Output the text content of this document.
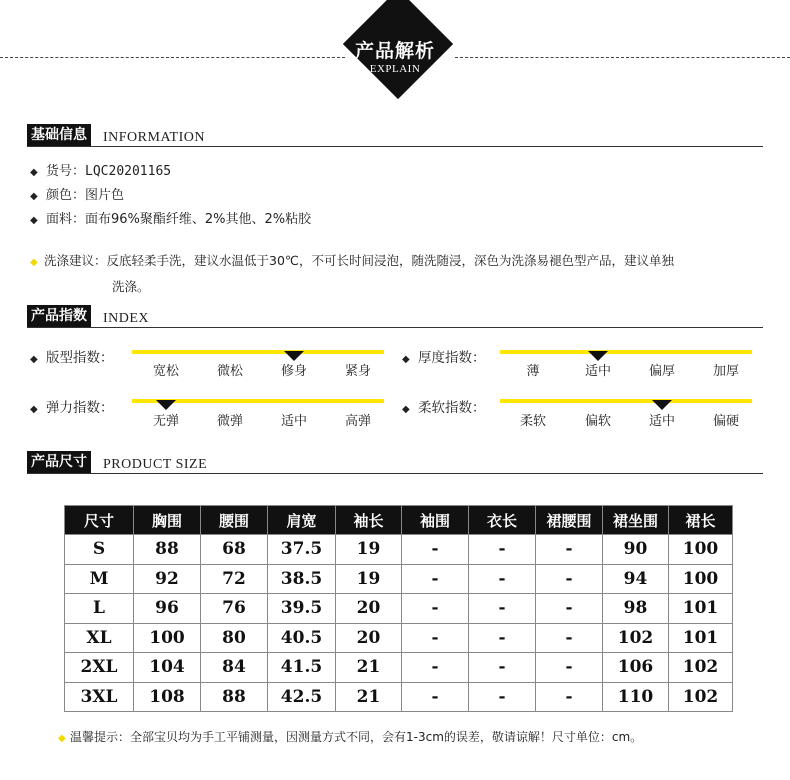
产品解析
EXPLAIN
基础信息 INFORMATION
◆ 货号：LQC20201165
◆ 颜色：图片色
◆ 面料：面布96%聚酯纤维、2%其他、2%粘胶
◆ 洗涤建议：反底轻柔手洗，建议水温低于30℃，不可长时间浸泡，随洗随浸，深色为洗涤易褪色型产品，建议单独
洗涤。
产品指数 INDEX
◆ 版型指数：
宽松	微松	修身	紧身
◆ 厚度指数：
薄	适中	偏厚	加厚
◆ 弹力指数：
无弹	微弹	适中	高弹
◆ 柔软指数：
柔软	偏软	适中	偏硬
产品尺寸 PRODUCT SIZE
尺寸	胸围	腰围	肩宽	袖长	袖围	衣长	裙腰围	裙坐围	裙长
S	88	68	37.5	19	-	-	-	90	100
M	92	72	38.5	19	-	-	-	94	100
L	96	76	39.5	20	-	-	-	98	101
XL	100	80	40.5	20	-	-	-	102	101
2XL	104	84	41.5	21	-	-	-	106	102
3XL	108	88	42.5	21	-	-	-	110	102
◆ 温馨提示：全部宝贝均为手工平铺测量，因测量方式不同，会有1-3cm的误差，敬请谅解！尺寸单位：cm。
